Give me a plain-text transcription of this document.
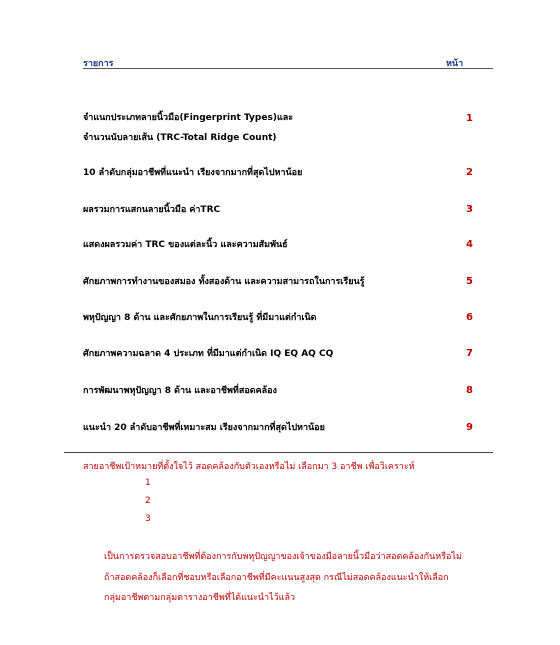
รายการ	หน้า
จำแนกประเภทลายนิ้วมือ(Fingerprint Types)และ
จำนวนนับลายเส้น (TRC-Total Ridge Count)
1
10 ลำดับกลุ่มอาชีพที่แนะนำ เรียงจากมากที่สุดไปหาน้อย	2
ผลรวมการแสกนลายนิ้วมือ ค่าTRC	3
แสดงผลรวมค่า TRC ของแต่ละนิ้ว และความสัมพันธ์	4
ศักยภาพการทำงานของสมอง ทั้งสองด้าน และความสามารถในการเรียนรู้	5
พหุปัญญา 8 ด้าน และศักยภาพในการเรียนรู้ ที่มีมาแต่กำเนิด	6
ศักยภาพความฉลาด 4 ประเภท ที่มีมาแต่กำเนิด IQ EQ AQ CQ	7
การพัฒนาพหุปัญญา 8 ด้าน และอาชีพที่สอดคล้อง	8
แนะนำ 20 ลำดับอาชีพที่เหมาะสม เรียงจากมากที่สุดไปหาน้อย	9
สายอาชีพเป้าหมายที่ตั้งใจไว้ สอดคล้องกับตัวเองหรือไม่ เลือกมา 3 อาชีพ เพื่อวิเคราะห์
1
2
3
เป็นการตรวจสอบอาชีพที่ต้องการกับพหุปัญญาของเจ้าของมือลายนิ้วมือว่าสอดคล้องกันหรือไม่
ถ้าสอดคล้องก็เลือกที่ชอบหรือเลือกอาชีพที่มีคะแนนสูงสุด กรณีไม่สอดคล้องแนะนำให้เลือก
กลุ่มอาชีพตามกลุ่มตารางอาชีพที่ได้แนะนำไว้แล้ว
